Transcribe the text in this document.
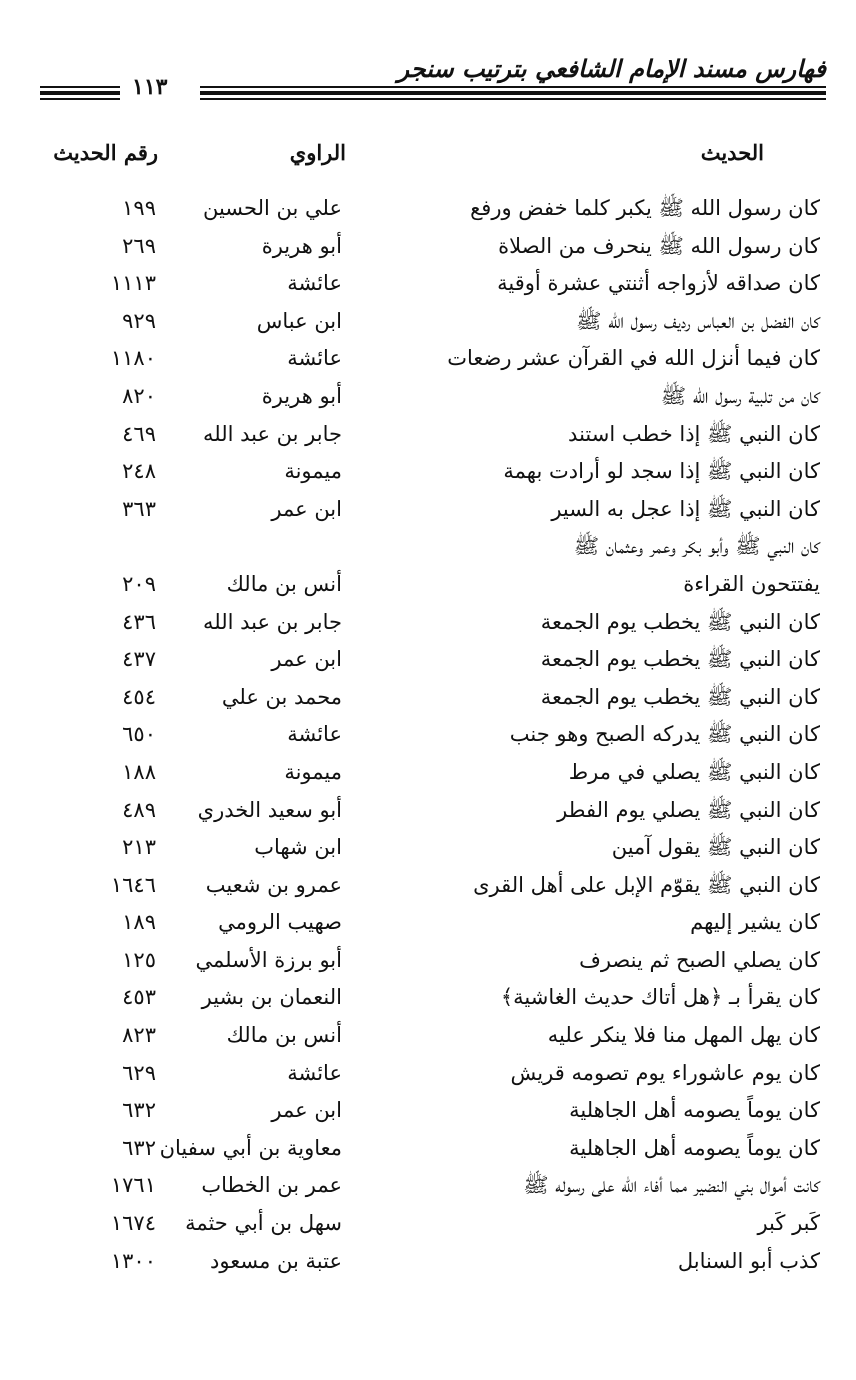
فهارس مسند الإمام الشافعي بترتيب سنجر
١١٣
الحديث
الراوي
رقم الحديث
كان رسول الله ﷺ يكبر كلما خفض ورفع
علي بن الحسين
١٩٩
كان رسول الله ﷺ ينحرف من الصلاة
أبو هريرة
٢٦٩
كان صداقه لأزواجه أثنتي عشرة أوقية
عائشة
١١١٣
كان الفضل بن العباس رديف رسول الله ﷺ
ابن عباس
٩٢٩
كان فيما أنزل الله في القرآن عشر رضعات
عائشة
١١٨٠
كان من تلبية رسول الله ﷺ
أبو هريرة
٨٢٠
كان النبي ﷺ إذا خطب استند
جابر بن عبد الله
٤٦٩
كان النبي ﷺ إذا سجد لو أرادت بهمة
ميمونة
٢٤٨
كان النبي ﷺ إذا عجل به السير
ابن عمر
٣٦٣
كان النبي ﷺ وأبو بكر وعمر وعثمان ﷺ
يفتتحون القراءة
أنس بن مالك
٢٠٩
كان النبي ﷺ يخطب يوم الجمعة
جابر بن عبد الله
٤٣٦
كان النبي ﷺ يخطب يوم الجمعة
ابن عمر
٤٣٧
كان النبي ﷺ يخطب يوم الجمعة
محمد بن علي
٤٥٤
كان النبي ﷺ يدركه الصبح وهو جنب
عائشة
٦٥٠
كان النبي ﷺ يصلي في مرط
ميمونة
١٨٨
كان النبي ﷺ يصلي يوم الفطر
أبو سعيد الخدري
٤٨٩
كان النبي ﷺ يقول آمين
ابن شهاب
٢١٣
كان النبي ﷺ يقوّم الإبل على أهل القرى
عمرو بن شعيب
١٦٤٦
كان يشير إليهم
صهيب الرومي
١٨٩
كان يصلي الصبح ثم ينصرف
أبو برزة الأسلمي
١٢٥
كان يقرأ بـ ﴿هل أتاك حديث الغاشية﴾
النعمان بن بشير
٤٥٣
كان يهل المهل منا فلا ينكر عليه
أنس بن مالك
٨٢٣
كان يوم عاشوراء يوم تصومه قريش
عائشة
٦٢٩
كان يوماً يصومه أهل الجاهلية
ابن عمر
٦٣٢
كان يوماً يصومه أهل الجاهلية
معاوية بن أبي سفيان
٦٣٢
كانت أموال بني النضير مما أفاء الله على رسوله ﷺ
عمر بن الخطاب
١٧٦١
كَبر كَبر
سهل بن أبي حثمة
١٦٧٤
كذب أبو السنابل
عتبة بن مسعود
١٣٠٠
